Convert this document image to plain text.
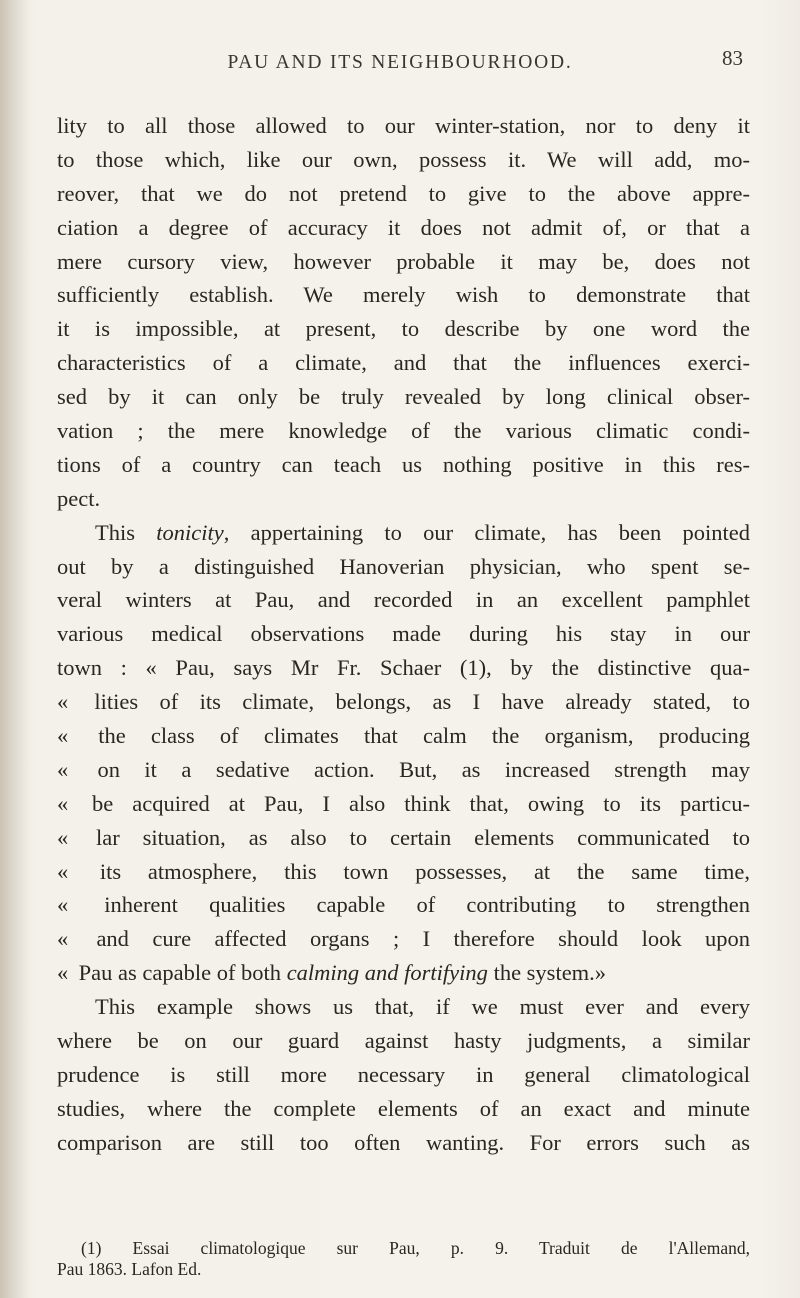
PAU AND ITS NEIGHBOURHOOD.	83
lity to all those allowed to our winter-station, nor to deny it
to those which, like our own, possess it. We will add, mo-
reover, that we do not pretend to give to the above appre-
ciation a degree of accuracy it does not admit of, or that a
mere cursory view, however probable it may be, does not
sufficiently establish. We merely wish to demonstrate that
it is impossible, at present, to describe by one word the
characteristics of a climate, and that the influences exerci-
sed by it can only be truly revealed by long clinical obser-
vation ; the mere knowledge of the various climatic condi-
tions of a country can teach us nothing positive in this res-
pect.
This tonicity, appertaining to our climate, has been pointed
out by a distinguished Hanoverian physician, who spent se-
veral winters at Pau, and recorded in an excellent pamphlet
various medical observations made during his stay in our
town : « Pau, says Mr Fr. Schaer (1), by the distinctive qua-
« lities of its climate, belongs, as I have already stated, to
« the class of climates that calm the organism, producing
« on it a sedative action. But, as increased strength may
« be acquired at Pau, I also think that, owing to its particu-
« lar situation, as also to certain elements communicated to
« its atmosphere, this town possesses, at the same time,
« inherent qualities capable of contributing to strengthen
« and cure affected organs ; I therefore should look upon
« Pau as capable of both calming and fortifying the system.»
This example shows us that, if we must ever and every
where be on our guard against hasty judgments, a similar
prudence is still more necessary in general climatological
studies, where the complete elements of an exact and minute
comparison are still too often wanting. For errors such as
(1) Essai climatologique sur Pau, p. 9. Traduit de l'Allemand,
Pau 1863. Lafon Ed.
